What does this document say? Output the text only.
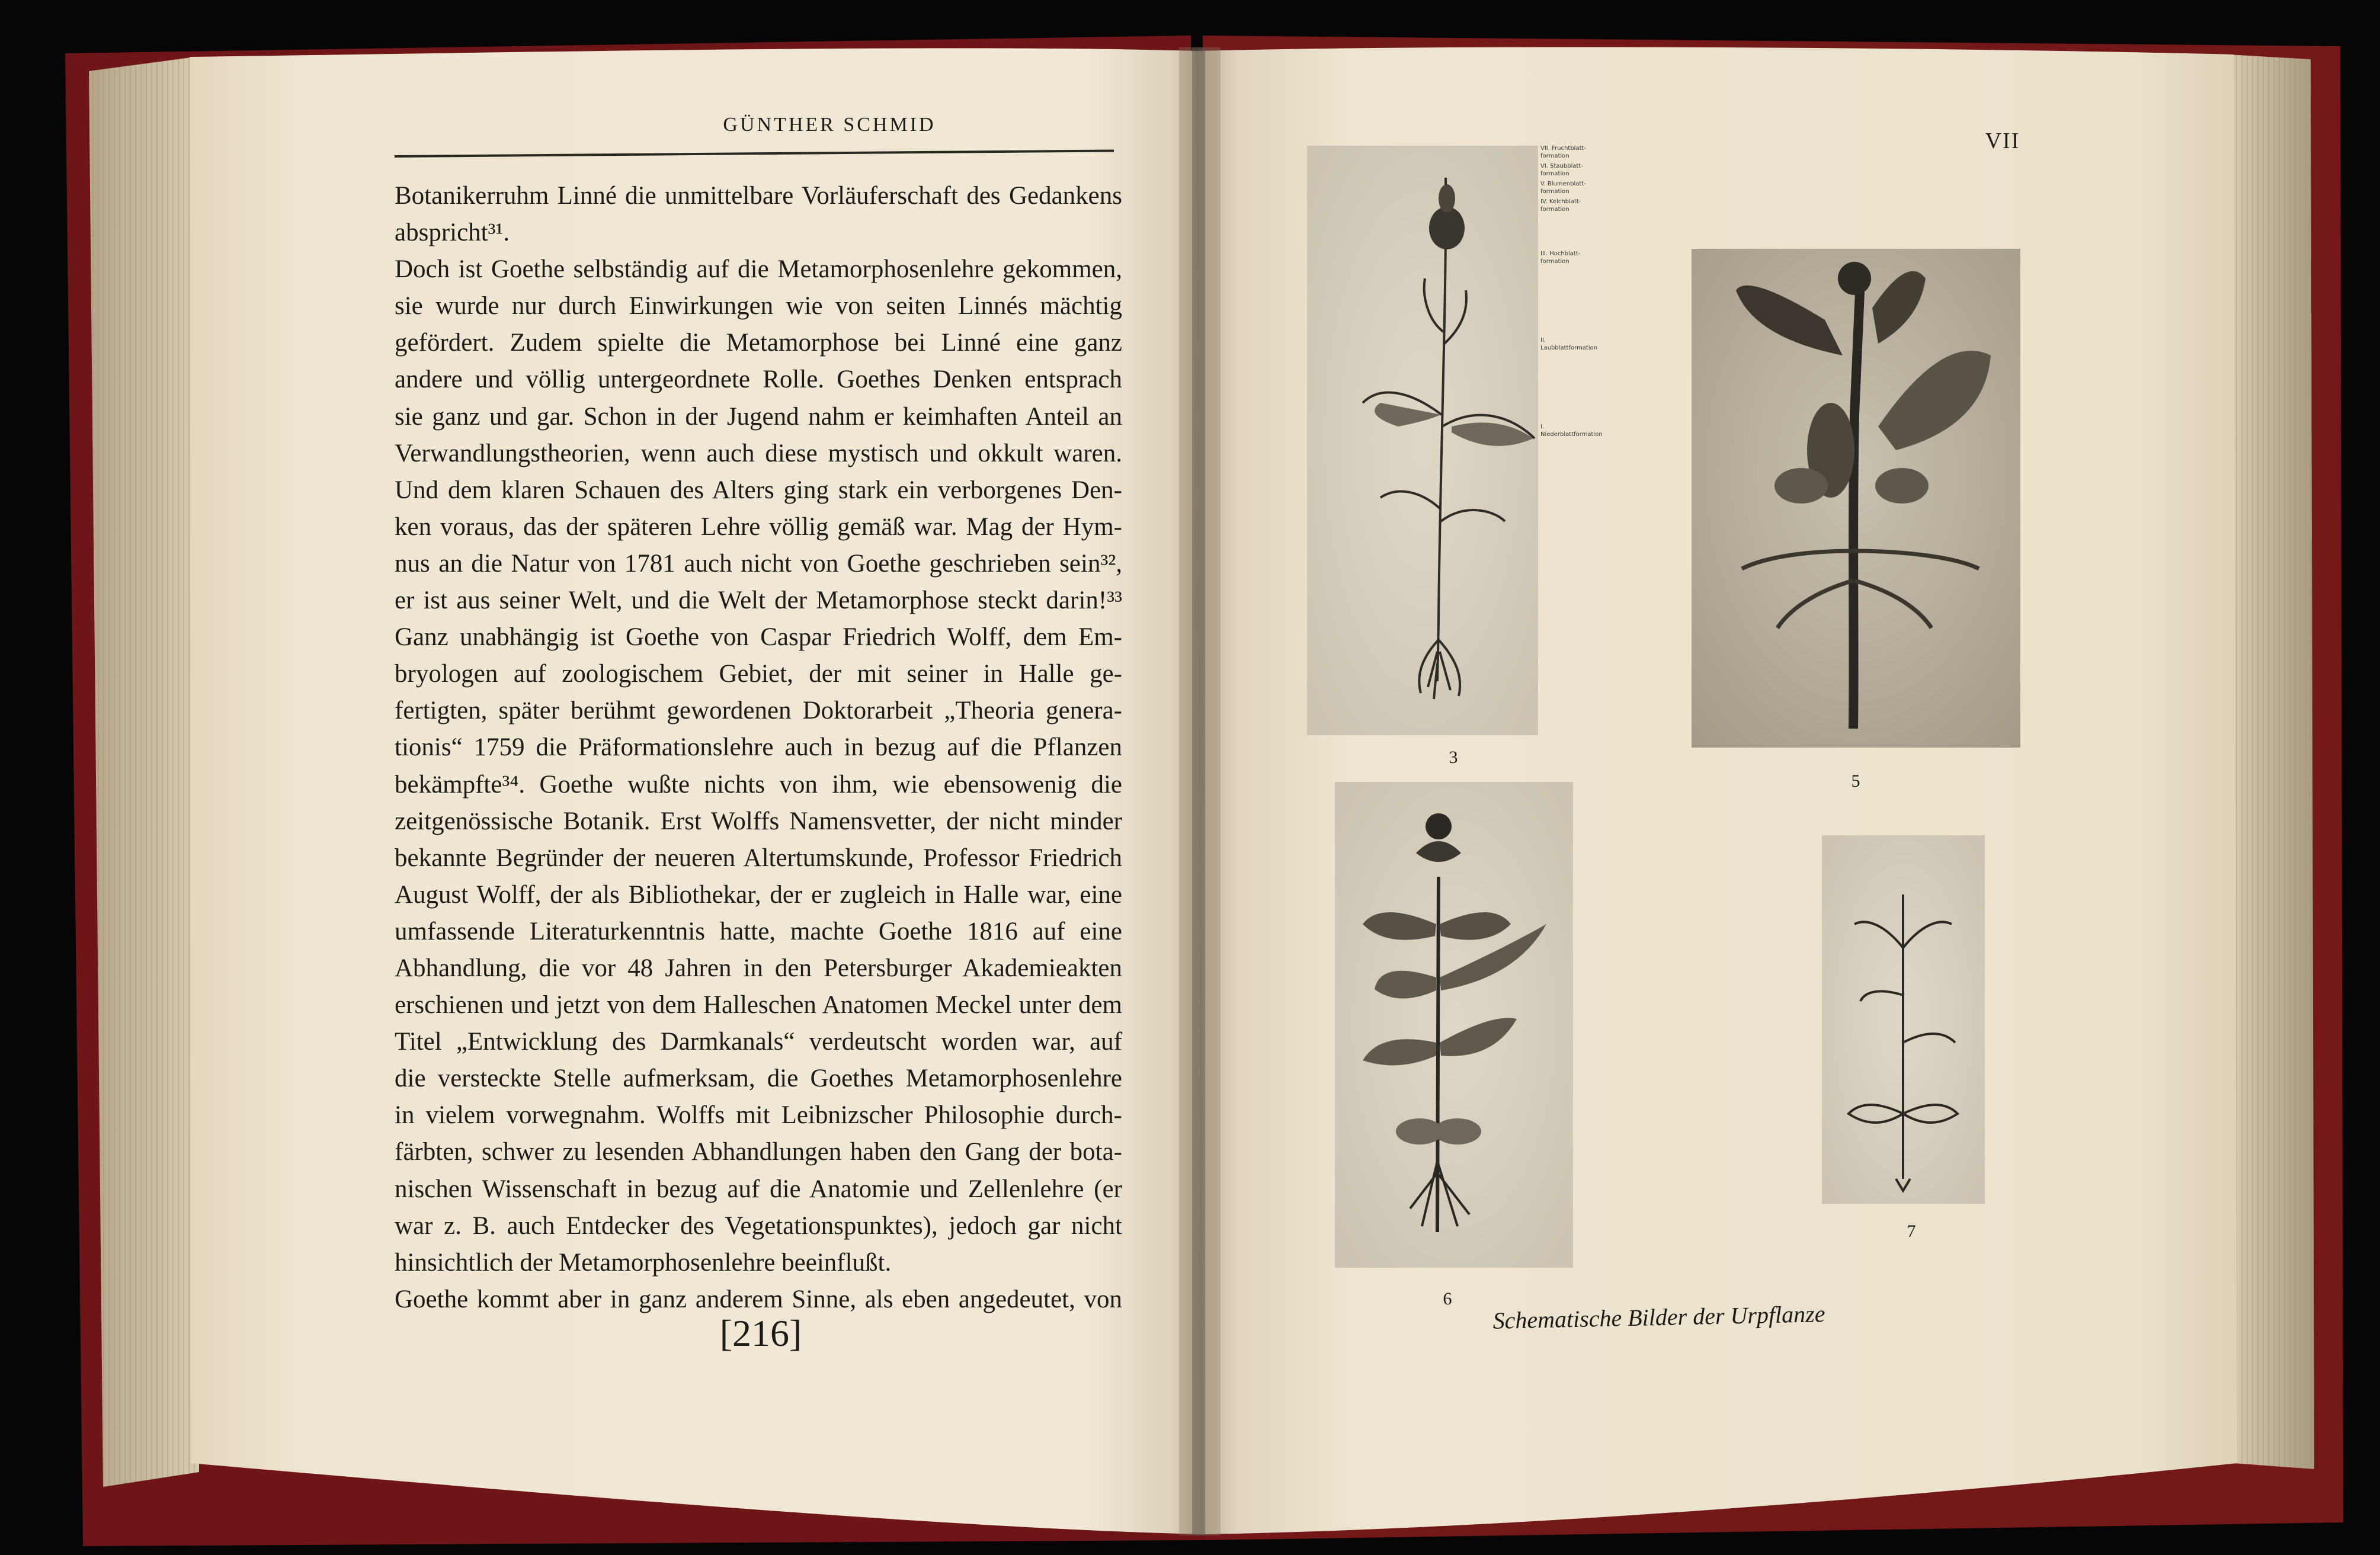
GÜNTHER SCHMID
Botanikerruhm Linné die unmittelbare Vorläuferschaft des Gedankens
abspricht³¹.
Doch ist Goethe selbständig auf die Metamorphosenlehre gekommen,
sie wurde nur durch Einwirkungen wie von seiten Linnés mächtig
gefördert. Zudem spielte die Metamorphose bei Linné eine ganz
andere und völlig untergeordnete Rolle. Goethes Denken entsprach
sie ganz und gar. Schon in der Jugend nahm er keimhaften Anteil an
Verwandlungstheorien, wenn auch diese mystisch und okkult waren.
Und dem klaren Schauen des Alters ging stark ein verborgenes Den-
ken voraus, das der späteren Lehre völlig gemäß war. Mag der Hym-
nus an die Natur von 1781 auch nicht von Goethe geschrieben sein³²,
er ist aus seiner Welt, und die Welt der Metamorphose steckt darin!³³
Ganz unabhängig ist Goethe von Caspar Friedrich Wolff, dem Em-
bryologen auf zoologischem Gebiet, der mit seiner in Halle ge-
fertigten, später berühmt gewordenen Doktorarbeit „Theoria genera-
tionis“ 1759 die Präformationslehre auch in bezug auf die Pflanzen
bekämpfte³⁴. Goethe wußte nichts von ihm, wie ebensowenig die
zeitgenössische Botanik. Erst Wolffs Namensvetter, der nicht minder
bekannte Begründer der neueren Altertumskunde, Professor Friedrich
August Wolff, der als Bibliothekar, der er zugleich in Halle war, eine
umfassende Literaturkenntnis hatte, machte Goethe 1816 auf eine
Abhandlung, die vor 48 Jahren in den Petersburger Akademieakten
erschienen und jetzt von dem Halleschen Anatomen Meckel unter dem
Titel „Entwicklung des Darmkanals“ verdeutscht worden war, auf
die versteckte Stelle aufmerksam, die Goethes Metamorphosenlehre
in vielem vorwegnahm. Wolffs mit Leibnizscher Philosophie durch-
färbten, schwer zu lesenden Abhandlungen haben den Gang der bota-
nischen Wissenschaft in bezug auf die Anatomie und Zellenlehre (er
war z. B. auch Entdecker des Vegetationspunktes), jedoch gar nicht
hinsichtlich der Metamorphosenlehre beeinflußt.
Goethe kommt aber in ganz anderem Sinne, als eben angedeutet, von
[216]
VII
VII. Fruchtblatt-formation
VI. Staubblatt-formation
V. Blumenblatt-formation
IV. Kelchblatt-formation
III. Hochblatt-formation
II. Laubblattformation
I. Niederblattformation
3
5
6
7
Schematische Bilder der Urpflanze
